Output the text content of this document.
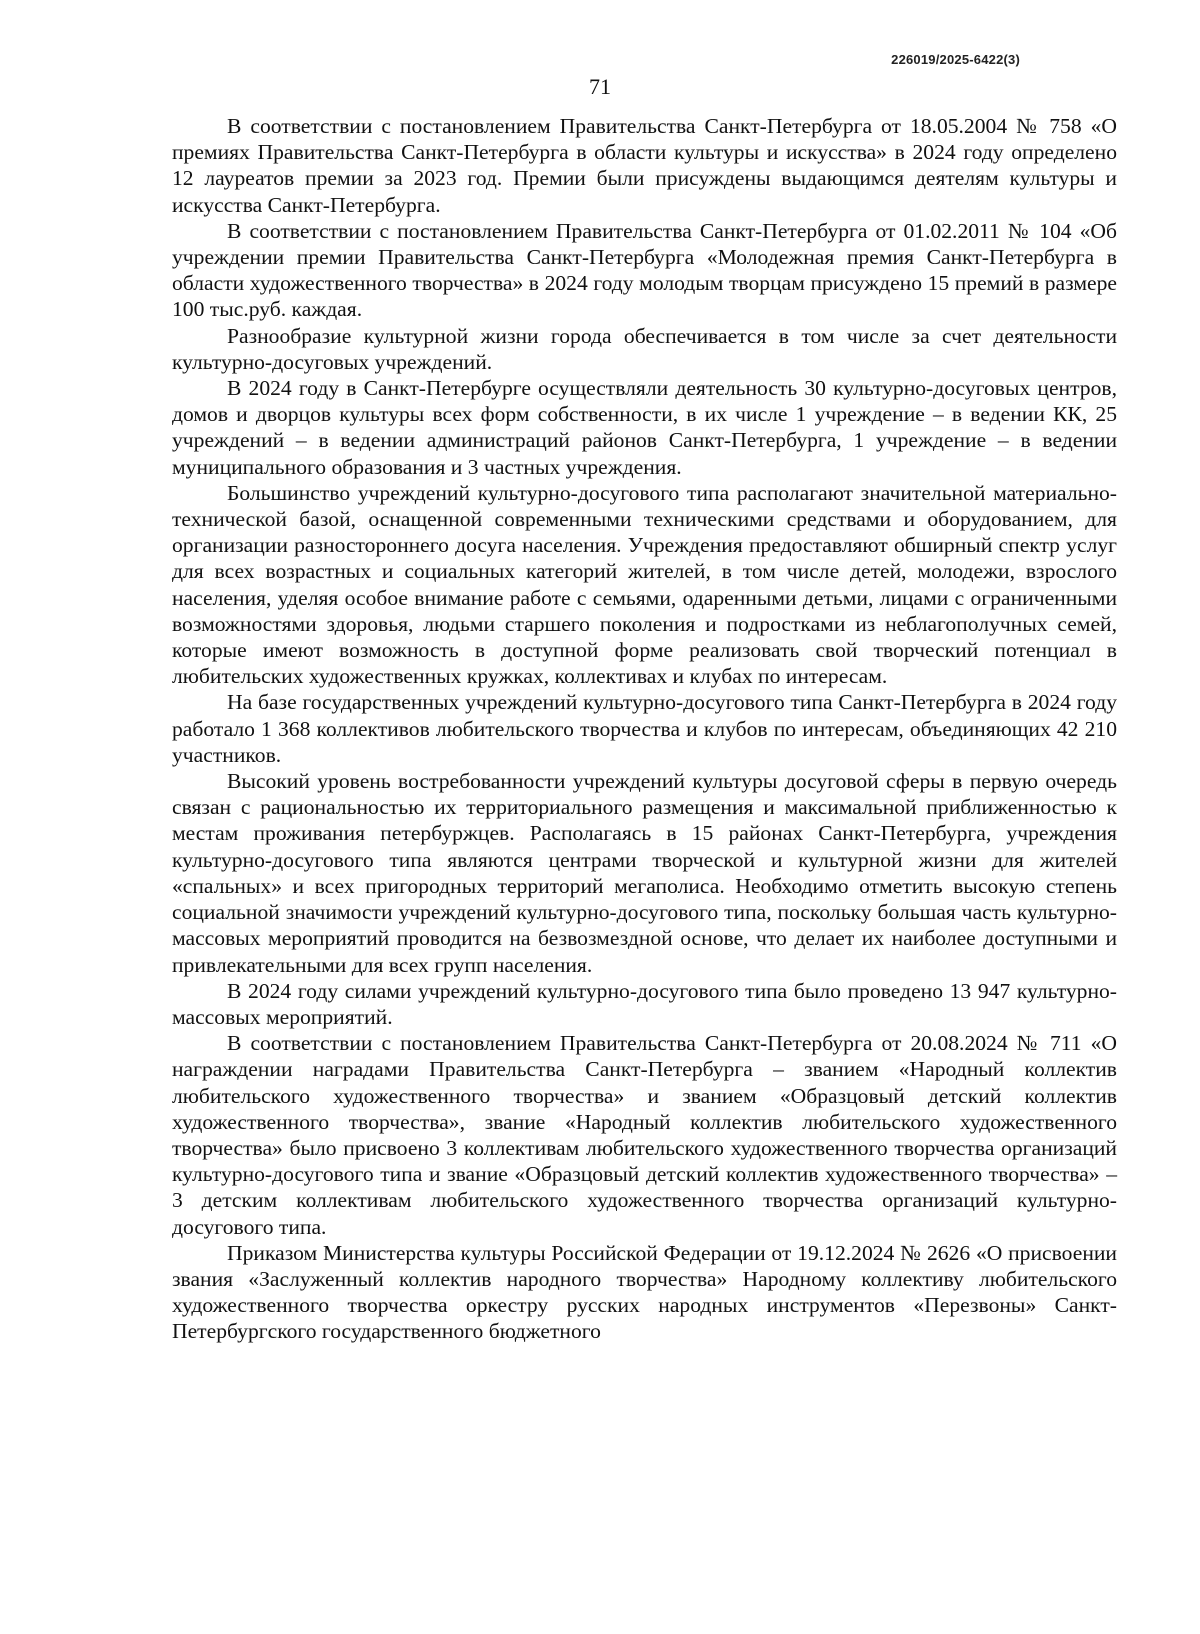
226019/2025-6422(3)
71

В соответствии с постановлением Правительства Санкт-Петербурга от 18.05.2004 № 758 «О премиях Правительства Санкт-Петербурга в области культуры и искусства» в 2024 году определено 12 лауреатов премии за 2023 год. Премии были присуждены выдающимся деятелям культуры и искусства Санкт-Петербурга.

В соответствии с постановлением Правительства Санкт-Петербурга от 01.02.2011 № 104 «Об учреждении премии Правительства Санкт-Петербурга «Молодежная премия Санкт-Петербурга в области художественного творчества» в 2024 году молодым творцам присуждено 15 премий в размере 100 тыс.руб. каждая.

Разнообразие культурной жизни города обеспечивается в том числе за счет деятельности культурно-досуговых учреждений.

В 2024 году в Санкт-Петербурге осуществляли деятельность 30 культурно-досуговых центров, домов и дворцов культуры всех форм собственности, в их числе 1 учреждение – в ведении КК, 25 учреждений – в ведении администраций районов Санкт-Петербурга, 1 учреждение – в ведении муниципального образования и 3 частных учреждения.

Большинство учреждений культурно-досугового типа располагают значительной материально-технической базой, оснащенной современными техническими средствами и оборудованием, для организации разностороннего досуга населения. Учреждения предоставляют обширный спектр услуг для всех возрастных и социальных категорий жителей, в том числе детей, молодежи, взрослого населения, уделяя особое внимание работе с семьями, одаренными детьми, лицами с ограниченными возможностями здоровья, людьми старшего поколения и подростками из неблагополучных семей, которые имеют возможность в доступной форме реализовать свой творческий потенциал в любительских художественных кружках, коллективах и клубах по интересам.

На базе государственных учреждений культурно-досугового типа Санкт-Петербурга в 2024 году работало 1 368 коллективов любительского творчества и клубов по интересам, объединяющих 42 210 участников.

Высокий уровень востребованности учреждений культуры досуговой сферы в первую очередь связан с рациональностью их территориального размещения и максимальной приближенностью к местам проживания петербуржцев. Располагаясь в 15 районах Санкт-Петербурга, учреждения культурно-досугового типа являются центрами творческой и культурной жизни для жителей «спальных» и всех пригородных территорий мегаполиса. Необходимо отметить высокую степень социальной значимости учреждений культурно-досугового типа, поскольку большая часть культурно-массовых мероприятий проводится на безвозмездной основе, что делает их наиболее доступными и привлекательными для всех групп населения.

В 2024 году силами учреждений культурно-досугового типа было проведено 13 947 культурно-массовых мероприятий.

В соответствии с постановлением Правительства Санкт-Петербурга от 20.08.2024 № 711 «О награждении наградами Правительства Санкт-Петербурга – званием «Народный коллектив любительского художественного творчества» и званием «Образцовый детский коллектив художественного творчества», звание «Народный коллектив любительского художественного творчества» было присвоено 3 коллективам любительского художественного творчества организаций культурно-досугового типа и звание «Образцовый детский коллектив художественного творчества» – 3 детским коллективам любительского художественного творчества организаций культурно-досугового типа.

Приказом Министерства культуры Российской Федерации от 19.12.2024 № 2626 «О присвоении звания «Заслуженный коллектив народного творчества» Народному коллективу любительского художественного творчества оркестру русских народных инструментов «Перезвоны» Санкт-Петербургского государственного бюджетного
